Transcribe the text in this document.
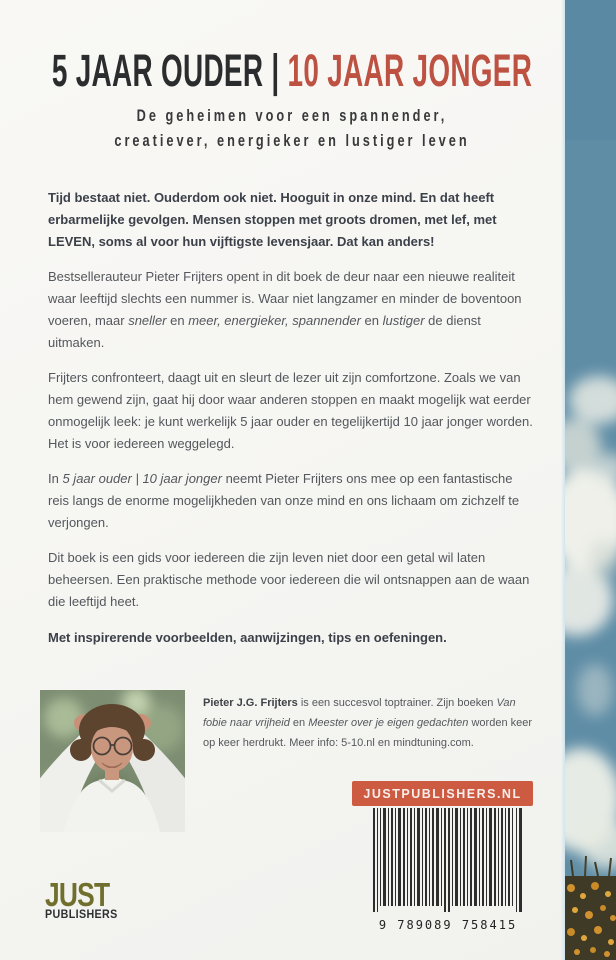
5 JAAR OUDER | 10 JAAR JONGER
De geheimen voor een spannender,
creatiever, energieker en lustiger leven

Tijd bestaat niet. Ouderdom ook niet. Hooguit in onze mind. En dat heeft erbarmelijke gevolgen. Mensen stoppen met groots dromen, met lef, met LEVEN, soms al voor hun vijftigste levensjaar. Dat kan anders!

Bestsellerauteur Pieter Frijters opent in dit boek de deur naar een nieuwe realiteit waar leeftijd slechts een nummer is. Waar niet langzamer en minder de boventoon voeren, maar sneller en meer, energieker, spannender en lustiger de dienst uitmaken.

Frijters confronteert, daagt uit en sleurt de lezer uit zijn comfortzone. Zoals we van hem gewend zijn, gaat hij door waar anderen stoppen en maakt mogelijk wat eerder onmogelijk leek: je kunt werkelijk 5 jaar ouder en tegelijkertijd 10 jaar jonger worden. Het is voor iedereen weggelegd.

In 5 jaar ouder | 10 jaar jonger neemt Pieter Frijters ons mee op een fantastische reis langs de enorme mogelijkheden van onze mind en ons lichaam om zichzelf te verjongen.

Dit boek is een gids voor iedereen die zijn leven niet door een getal wil laten beheersen. Een praktische methode voor iedereen die wil ontsnappen aan de waan die leeftijd heet.

Met inspirerende voorbeelden, aanwijzingen, tips en oefeningen.

Pieter J.G. Frijters is een succesvol toptrainer. Zijn boeken Van fobie naar vrijheid en Meester over je eigen gedachten worden keer op keer herdrukt. Meer info: 5-10.nl en mindtuning.com.
JUSTPUBLISHERS.NL
9 789089 758415
JUST
PUBLISHERS
